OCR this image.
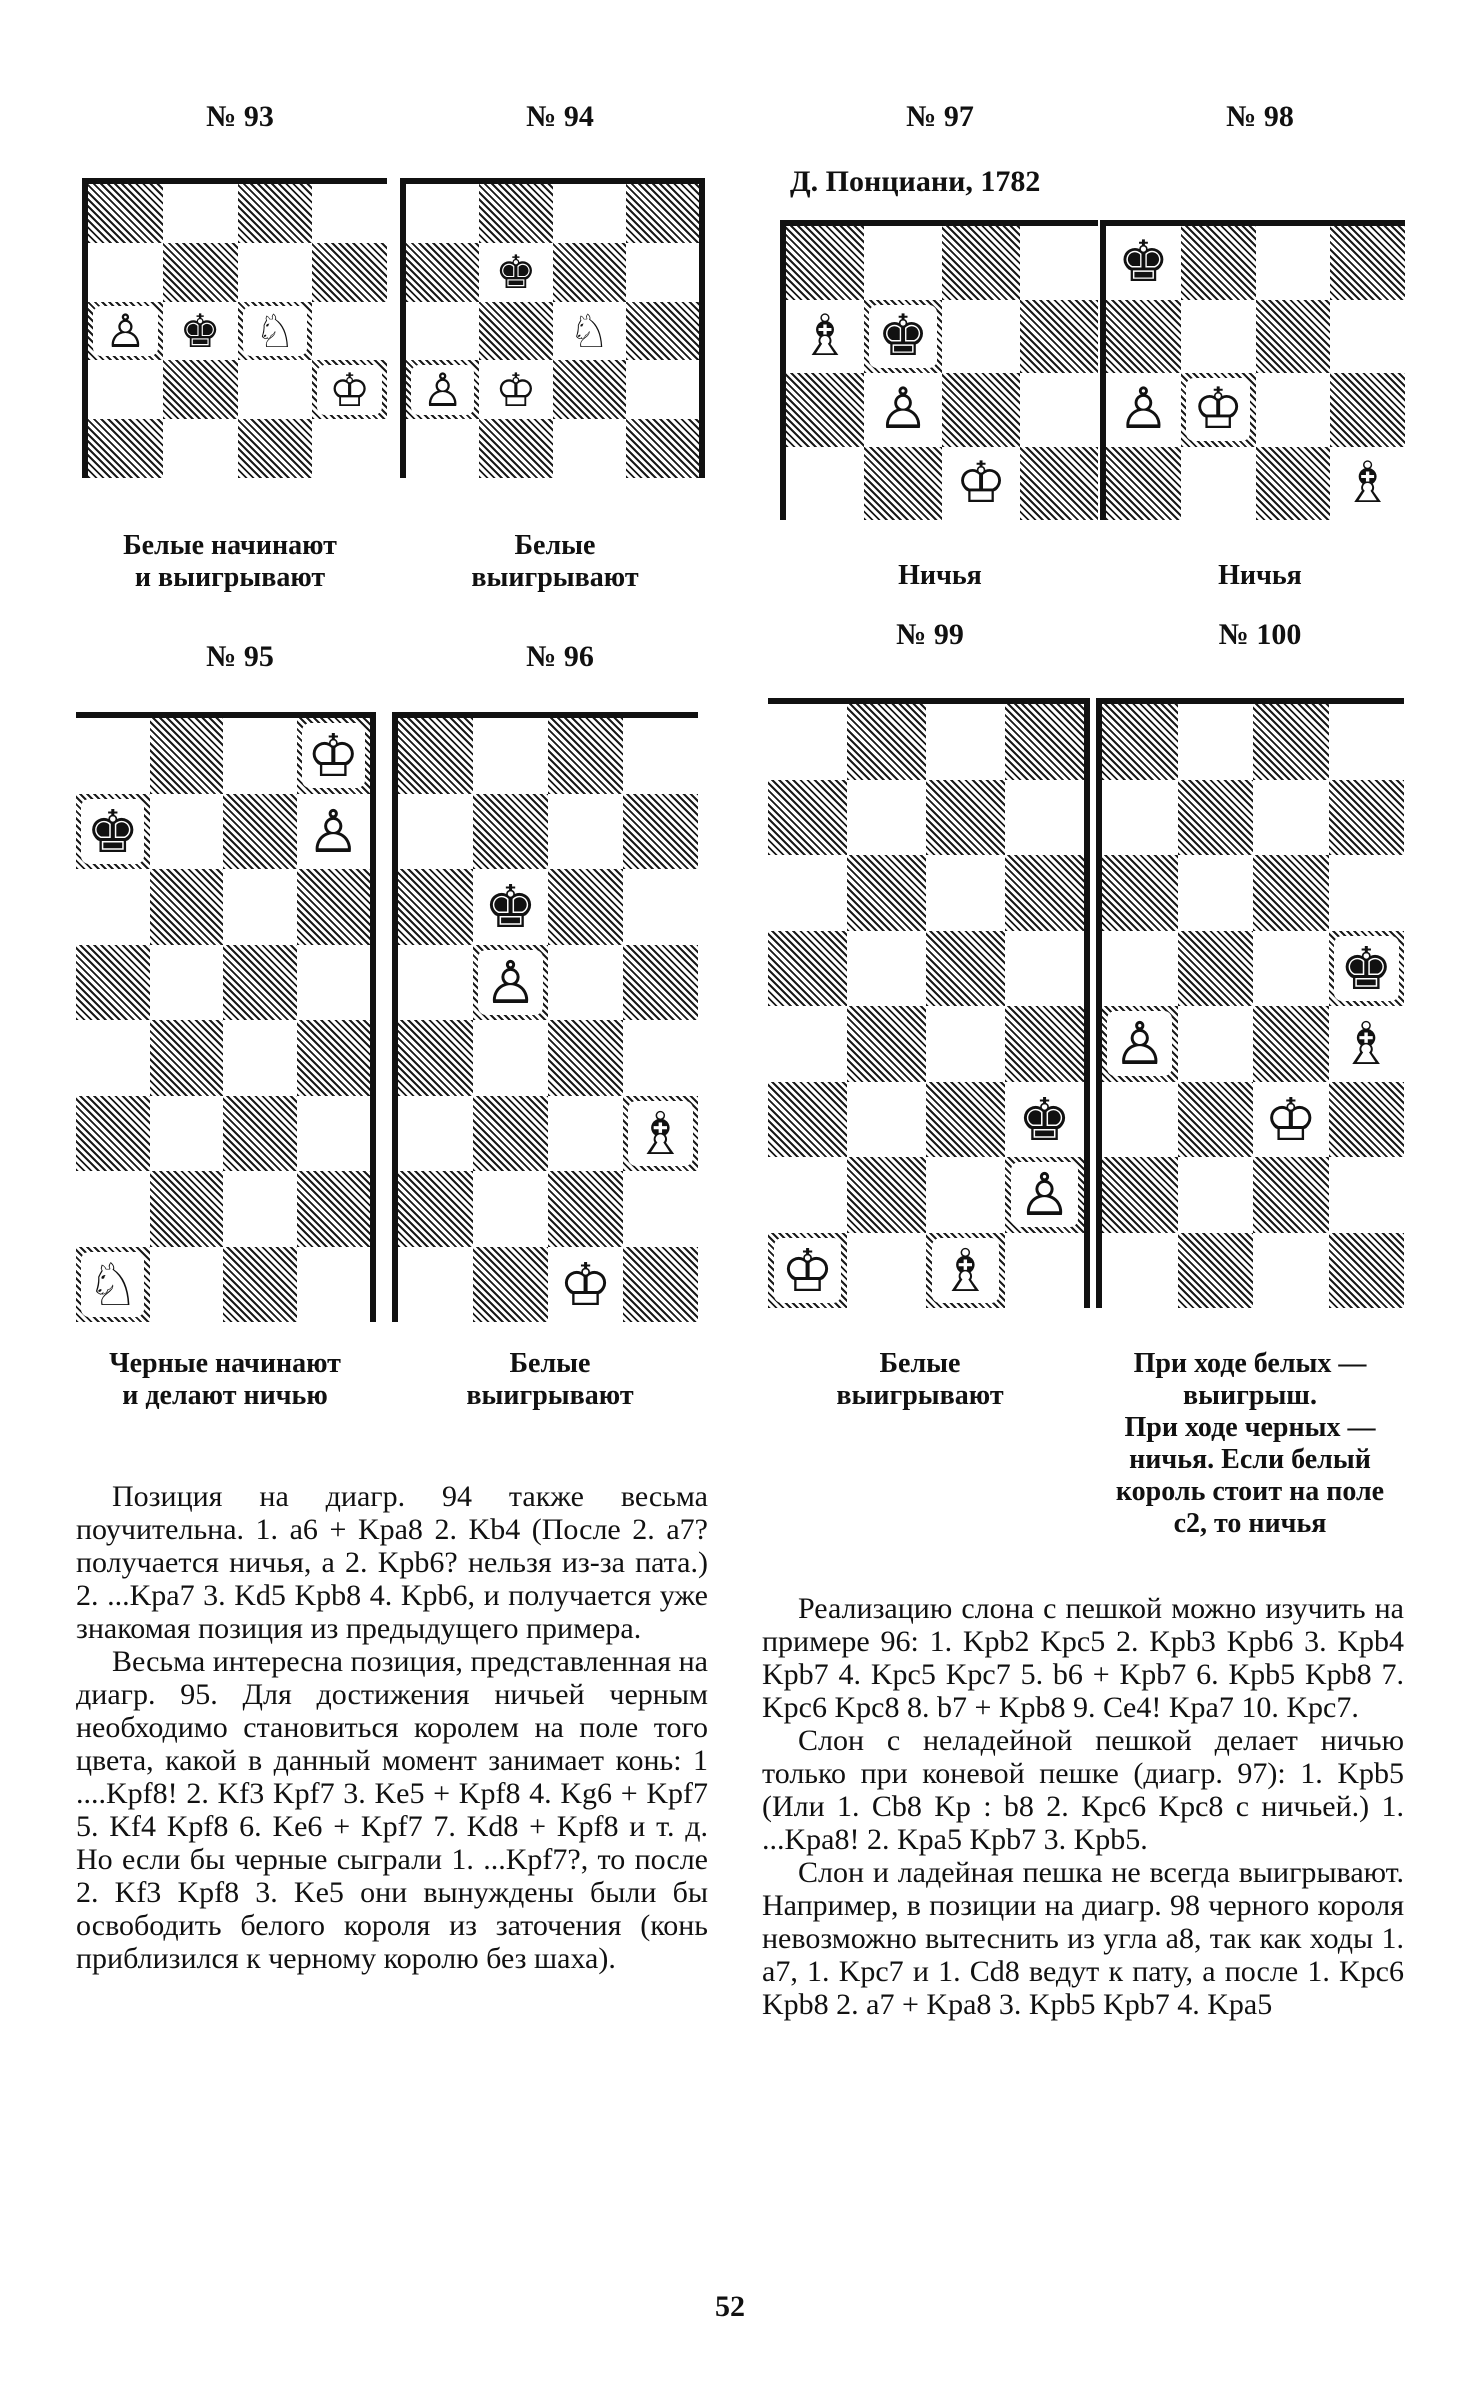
№ 93	№ 94	№ 97	№ 98
Д. Понциани, 1782
♙ ♚ ♘
♔
♚
♘
♙ ♔
♗ ♚
♙
♔
♚
♙ ♔
♗
Белые начинают
и выигрывают
Белые
выигрывают	Ничья	Ничья
№ 95	№ 96
№ 99	№ 100
♔
♚	♙
♘
♚
♙
♗
♔
♚
♙
♔ ♗
♚
♙	♗
♔
Черные начинают
и делают ничью
Белые
выигрывают
Белые
выигрывают
При ходе белых —
выигрыш.
При ходе черных —
ничья. Если белый
король стоит на поле
c2, то ничья

Позиция на диагр. 94 также весьма поучительна. 1. a6 + Kpa8 2. Kb4 (После 2. a7? получается ничья, а 2. Kpb6? нельзя из-за пата.) 2. ...Kpa7 3. Kd5 Kpb8 4. Kpb6, и получается уже знакомая позиция из предыдущего примера.

Весьма интересна позиция, представленная на диагр. 95. Для достижения ничьей черным необходимо становиться королем на поле того цвета, какой в данный момент занимает конь: 1 ....Kpf8! 2. Kf3 Kpf7 3. Ke5 + Kpf8 4. Kg6 + Kpf7 5. Kf4 Kpf8 6. Ke6 + Kpf7 7. Kd8 + Kpf8 и т. д. Но если бы черные сыграли 1. ...Kpf7?, то после 2. Kf3 Kpf8 3. Ke5 они вынуждены были бы освободить белого короля из заточения (конь приблизился к черному королю без шаха).

Реализацию слона с пешкой можно изучить на примере 96: 1. Kpb2 Kpc5 2. Kpb3 Kpb6 3. Kpb4 Kpb7 4. Kpc5 Kpc7 5. b6 + Kpb7 6. Kpb5 Kpb8 7. Kpc6 Kpc8 8. b7 + Kpb8 9. Ce4! Kpa7 10. Kpc7.

Слон с неладейной пешкой делает ничью только при коневой пешке (диагр. 97): 1. Kpb5 (Или 1. Cb8 Kp : b8 2. Kpc6 Kpc8 с ничьей.) 1. ...Kpa8! 2. Kpa5 Kpb7 3. Kpb5.

Слон и ладейная пешка не всегда выигрывают. Например, в позиции на диагр. 98 черного короля невозможно вытеснить из угла a8, так как ходы 1. a7, 1. Kpc7 и 1. Cd8 ведут к пату, а после 1. Kpc6 Kpb8 2. a7 + Kpa8 3. Kpb5 Kpb7 4. Kpa5

52
